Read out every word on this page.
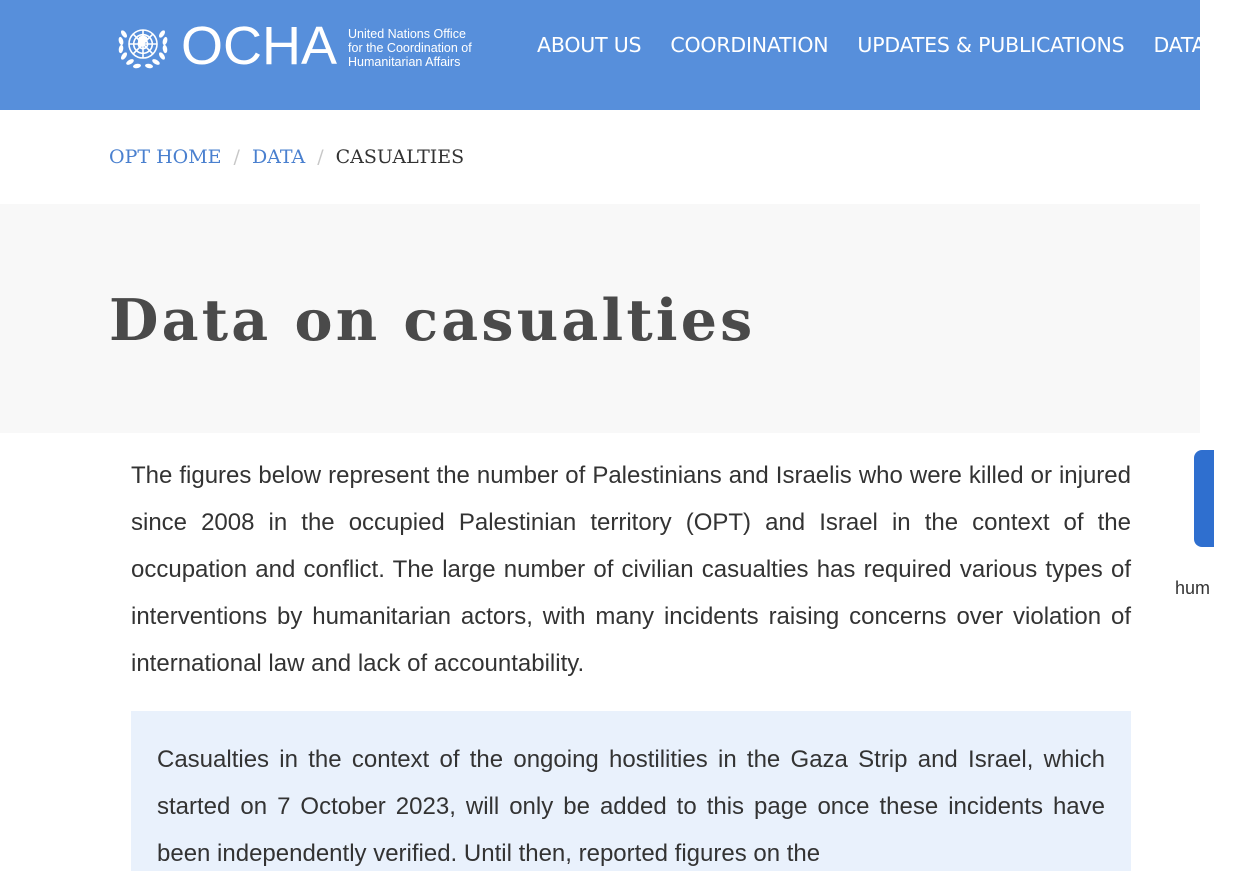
OCHA United Nations Office
for the Coordination of
Humanitarian Affairs
ABOUT US COORDINATION UPDATES & PUBLICATIONS DATA
OPT HOME / DATA / CASUALTIES
Data on casualties

The figures below represent the number of Palestinians and Israelis who were killed or injured since 2008 in the occupied Palestinian territory (OPT) and Israel in the context of the occupation and conflict. The large number of civilian casualties has required various types of interventions by humanitarian actors, with many incidents raising concerns over violation of international law and lack of accountability.

Casualties in the context of the ongoing hostilities in the Gaza Strip and Israel, which started on 7 October 2023, will only be added to this page once these incidents have been independently verified. Until then, reported figures on the

hum
